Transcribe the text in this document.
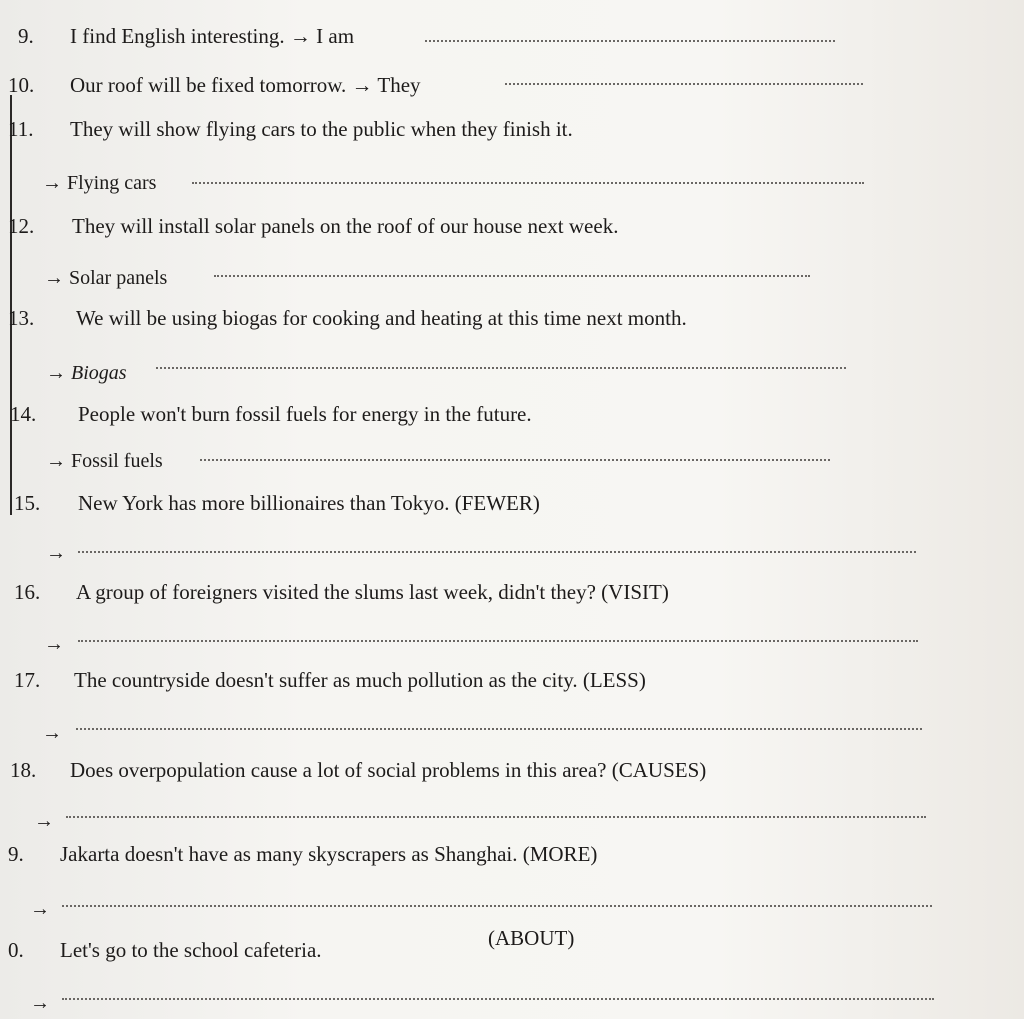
9. I find English interesting. → I am
10. Our roof will be fixed tomorrow. → They
11. They will show flying cars to the public when they finish it.
→ Flying cars
12. They will install solar panels on the roof of our house next week.
→ Solar panels
13. We will be using biogas for cooking and heating at this time next month.
→ Biogas
14. People won't burn fossil fuels for energy in the future.
→ Fossil fuels
15. New York has more billionaires than Tokyo. (FEWER)
→
16. A group of foreigners visited the slums last week, didn't they? (VISIT)
→
17. The countryside doesn't suffer as much pollution as the city. (LESS)
→
18. Does overpopulation cause a lot of social problems in this area? (CAUSES)
→
9. Jakarta doesn't have as many skyscrapers as Shanghai. (MORE)
→
0. Let's go to the school cafeteria.	(ABOUT)
→
